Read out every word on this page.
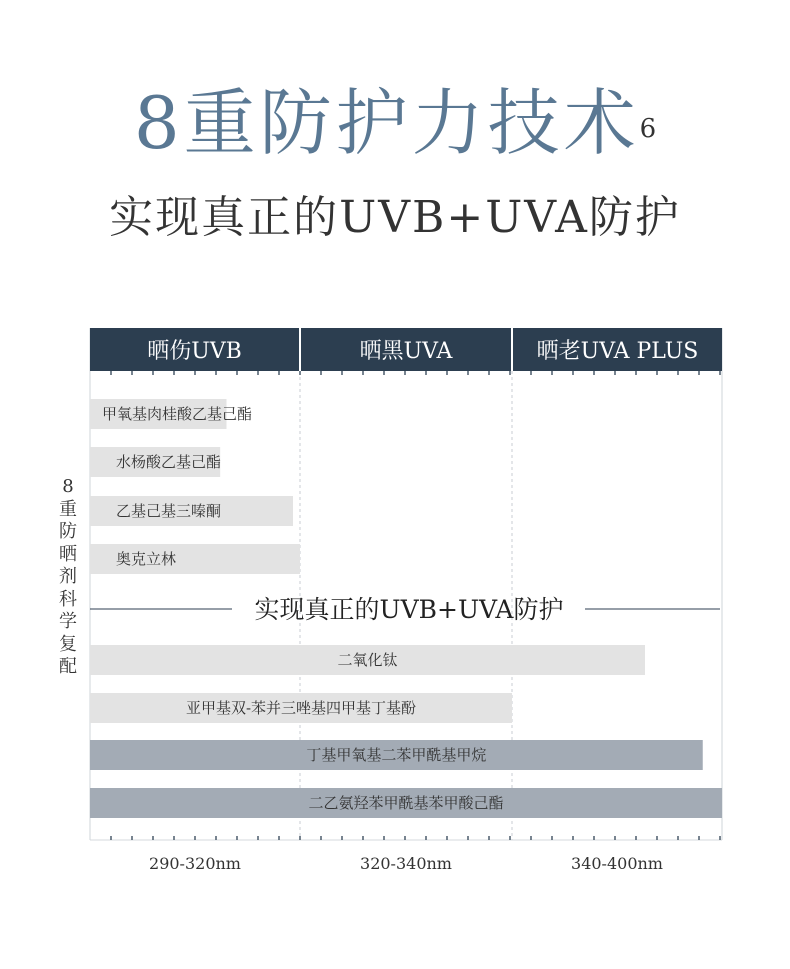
8重防护力技术$^6$
实现真正的UVB+UVA防护
8
重
防
晒
剂
科
学
复
配
晒伤UVB	晒黑UVA	晒老UVA PLUS
甲氧基肉桂酸乙基己酯
水杨酸乙基己酯
乙基己基三嗪酮
奥克立林
二氧化钛
亚甲基双-苯并三唑基四甲基丁基酚
丁基甲氧基二苯甲酰基甲烷
二乙氨羟苯甲酰基苯甲酸己酯
实现真正的UVB+UVA防护
290-320nm	320-340nm	340-400nm
